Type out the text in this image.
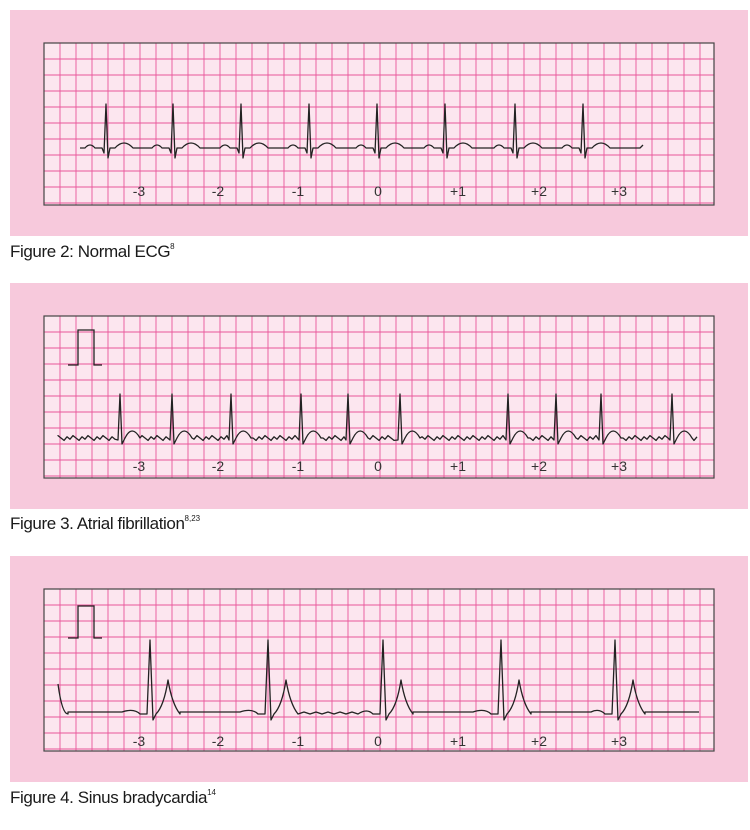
-3	-2	-1	0	+1	+2	+3
Figure 2: Normal ECG$^8$
-3	-2	-1	0	+1	+2	+3
Figure 3. Atrial fibrillation$^{8,23}$
-3	-2	-1	0	+1	+2	+3
Figure 4. Sinus bradycardia$^{14}$
